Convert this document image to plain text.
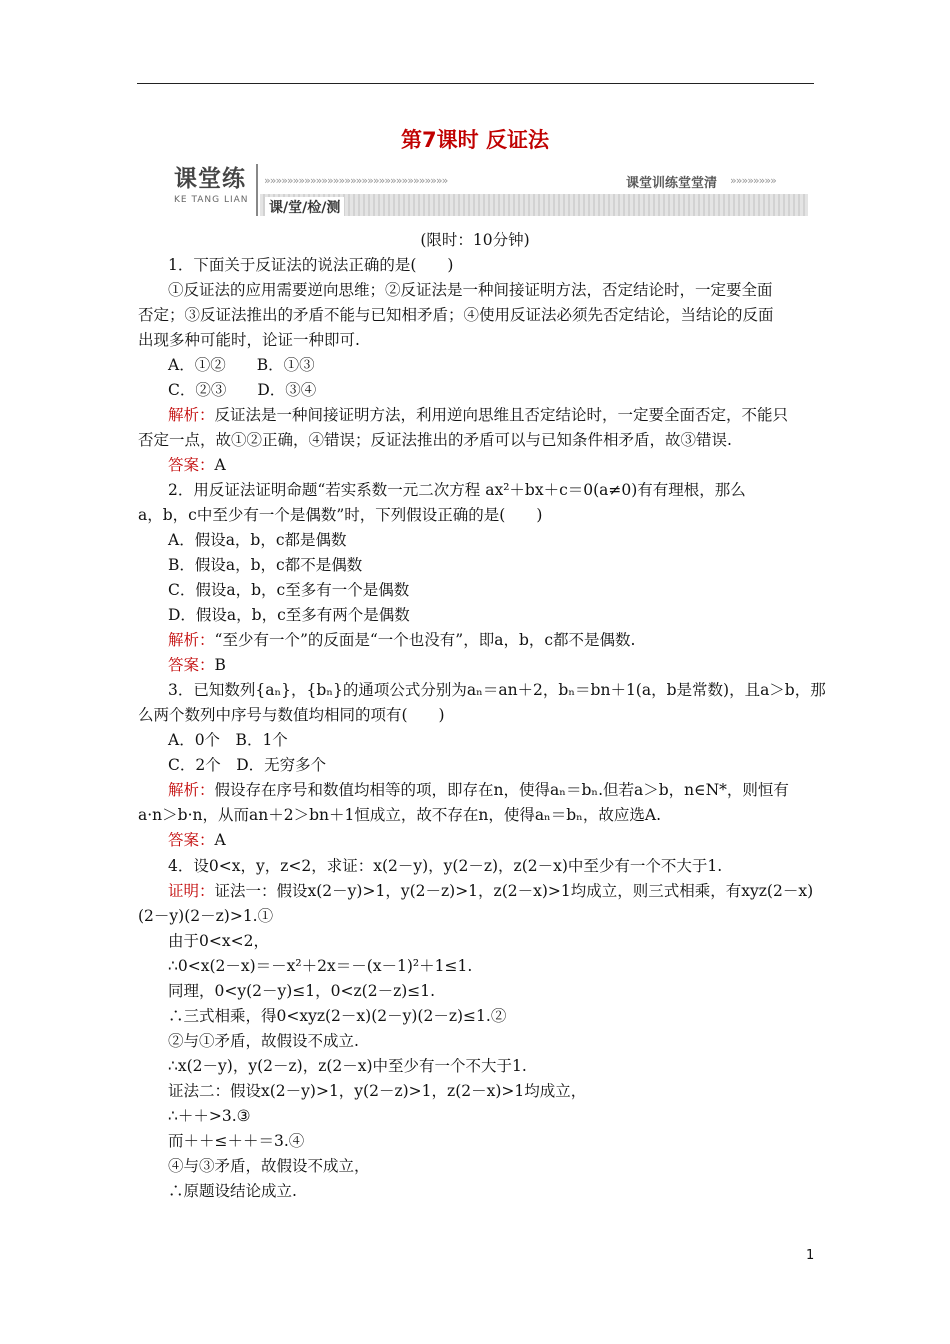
第7课时 反证法
课堂练
KE TANG LIAN
»»»»»»»»»»»»»»»»»»»»»»»»»»»»»»»»	课堂训练堂堂清 »»»»»»»»
课/堂/检/测
(限时：10分钟)
1．下面关于反证法的说法正确的是(　　)
①反证法的应用需要逆向思维；②反证法是一种间接证明方法，否定结论时，一定要全面
否定；③反证法推出的矛盾不能与已知相矛盾；④使用反证法必须先否定结论，当结论的反面
出现多种可能时，论证一种即可.
A．①②　　B．①③
C．②③　　D．③④
解析：反证法是一种间接证明方法，利用逆向思维且否定结论时，一定要全面否定，不能只
否定一点，故①②正确，④错误；反证法推出的矛盾可以与已知条件相矛盾，故③错误.
答案：A
2．用反证法证明命题“若实系数一元二次方程 ax²＋bx＋c＝0(a≠0)有有理根，那么
a，b，c中至少有一个是偶数”时，下列假设正确的是(　　)
A．假设a，b，c都是偶数
B．假设a，b，c都不是偶数
C．假设a，b，c至多有一个是偶数
D．假设a，b，c至多有两个是偶数
解析：“至少有一个”的反面是“一个也没有”，即a，b，c都不是偶数.
答案：B
3．已知数列{aₙ}，{bₙ}的通项公式分别为aₙ＝an＋2，bₙ＝bn＋1(a，b是常数)，且a＞b，那
么两个数列中序号与数值均相同的项有(　　)
A．0个　B．1个
C．2个　D．无穷多个
解析：假设存在序号和数值均相等的项，即存在n，使得aₙ＝bₙ.但若a＞b，n∈N*，则恒有
a·n＞b·n，从而an＋2＞bn＋1恒成立，故不存在n，使得aₙ＝bₙ，故应选A.
答案：A
4．设0<x，y，z<2，求证：x(2－y)，y(2－z)，z(2－x)中至少有一个不大于1.
证明：证法一：假设x(2－y)>1，y(2－z)>1，z(2－x)>1均成立，则三式相乘，有xyz(2－x)
(2－y)(2－z)>1.①
由于0<x<2，
∴0<x(2－x)＝－x²＋2x＝－(x－1)²＋1≤1.
同理，0<y(2－y)≤1，0<z(2－z)≤1.
∴三式相乘，得0<xyz(2－x)(2－y)(2－z)≤1.②
②与①矛盾，故假设不成立.
∴x(2－y)，y(2－z)，z(2－x)中至少有一个不大于1.
证法二：假设x(2－y)>1，y(2－z)>1，z(2－x)>1均成立，
∴＋＋>3.③
而＋＋≤＋＋＝3.④
④与③矛盾，故假设不成立，
∴原题设结论成立.
1
